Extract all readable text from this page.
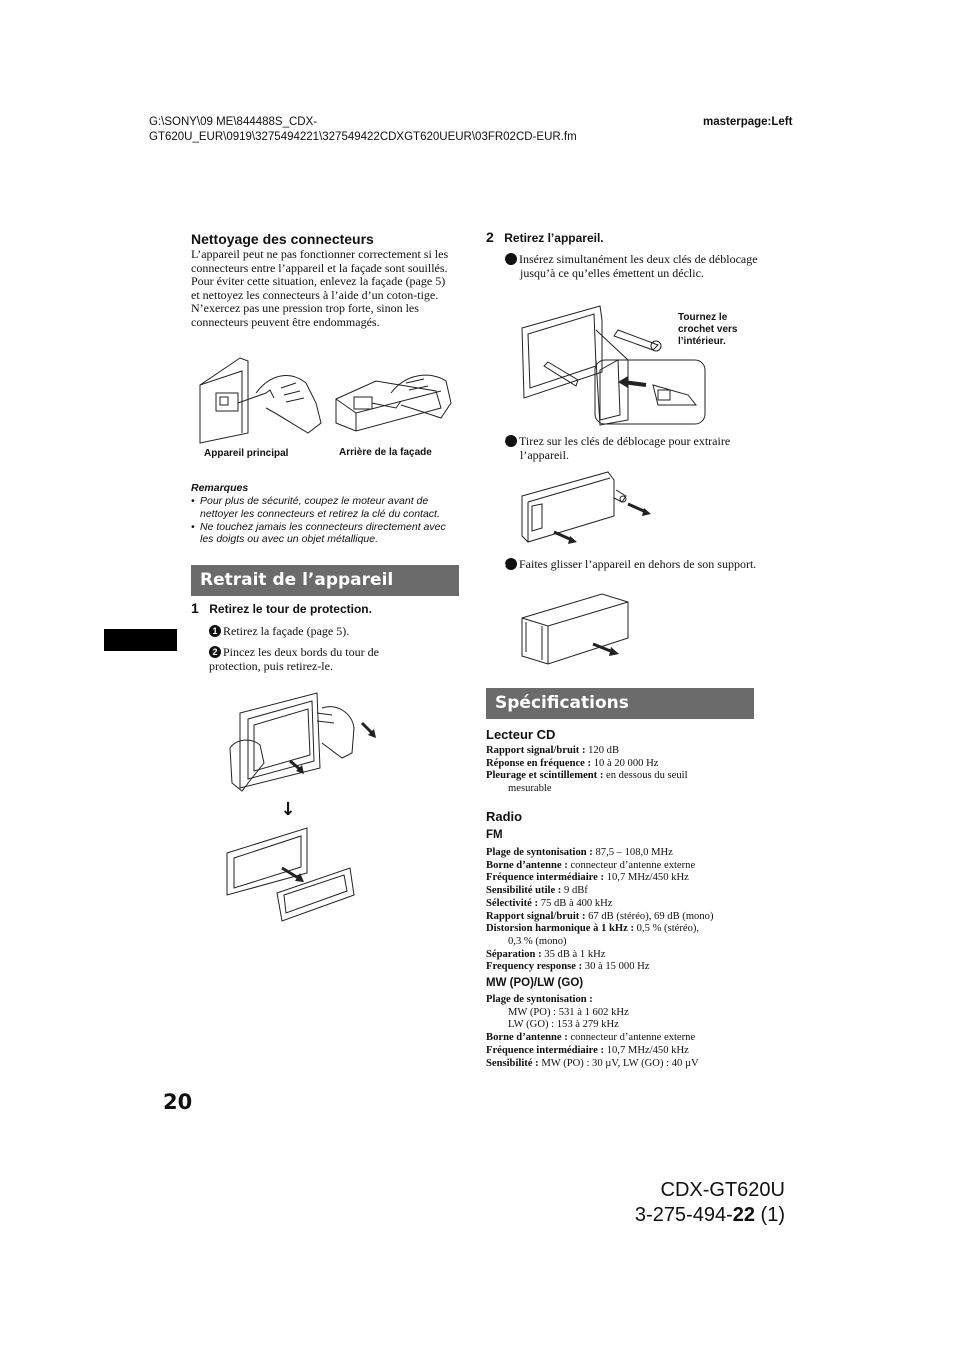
G:\SONY\09 ME\844488S_CDX-
GT620U_EUR\0919\3275494221\327549422CDXGT620UEUR\03FR02CD-EUR.fm
masterpage:Left
Nettoyage des connecteurs
L’appareil peut ne pas fonctionner correctement si les connecteurs entre l’appareil et la façade sont souillés. Pour éviter cette situation, enlevez la façade (page 5) et nettoyez les connecteurs à l’aide d’un coton-tige. N’exercez pas une pression trop forte, sinon les connecteurs peuvent être endommagés.
Appareil principal	Arrière de la façade
Remarques
• Pour plus de sécurité, coupez le moteur avant de nettoyer les connecteurs et retirez la clé du contact.
• Ne touchez jamais les connecteurs directement avec les doigts ou avec un objet métallique.
Retrait de l’appareil
1 Retirez le tour de protection.
1 Retirez la façade (page 5).
2 Pincez les deux bords du tour de protection, puis retirez-le.
↓
2 Retirez l’appareil.
1 Insérez simultanément les deux clés de déblocage jusqu’à ce qu’elles émettent un déclic.
Tournez le crochet vers l’intérieur.
2 Tirez sur les clés de déblocage pour extraire l’appareil.
3 Faites glisser l’appareil en dehors de son support.
Spécifications
Lecteur CD
Rapport signal/bruit : 120 dB
Réponse en fréquence : 10 à 20 000 Hz
Pleurage et scintillement : en dessous du seuil
mesurable
Radio
FM
Plage de syntonisation : 87,5 – 108,0 MHz
Borne d’antenne : connecteur d’antenne externe
Fréquence intermédiaire : 10,7 MHz/450 kHz
Sensibilité utile : 9 dBf
Sélectivité : 75 dB à 400 kHz
Rapport signal/bruit : 67 dB (stéréo), 69 dB (mono)
Distorsion harmonique à 1 kHz : 0,5 % (stéréo),
0,3 % (mono)
Séparation : 35 dB à 1 kHz
Frequency response : 30 à 15 000 Hz
MW (PO)/LW (GO)
Plage de syntonisation :
MW (PO) : 531 à 1 602 kHz
LW (GO) : 153 à 279 kHz
Borne d’antenne : connecteur d’antenne externe
Fréquence intermédiaire : 10,7 MHz/450 kHz
Sensibilité : MW (PO) : 30 µV, LW (GO) : 40 µV
20
CDX-GT620U
3-275-494-22 (1)
